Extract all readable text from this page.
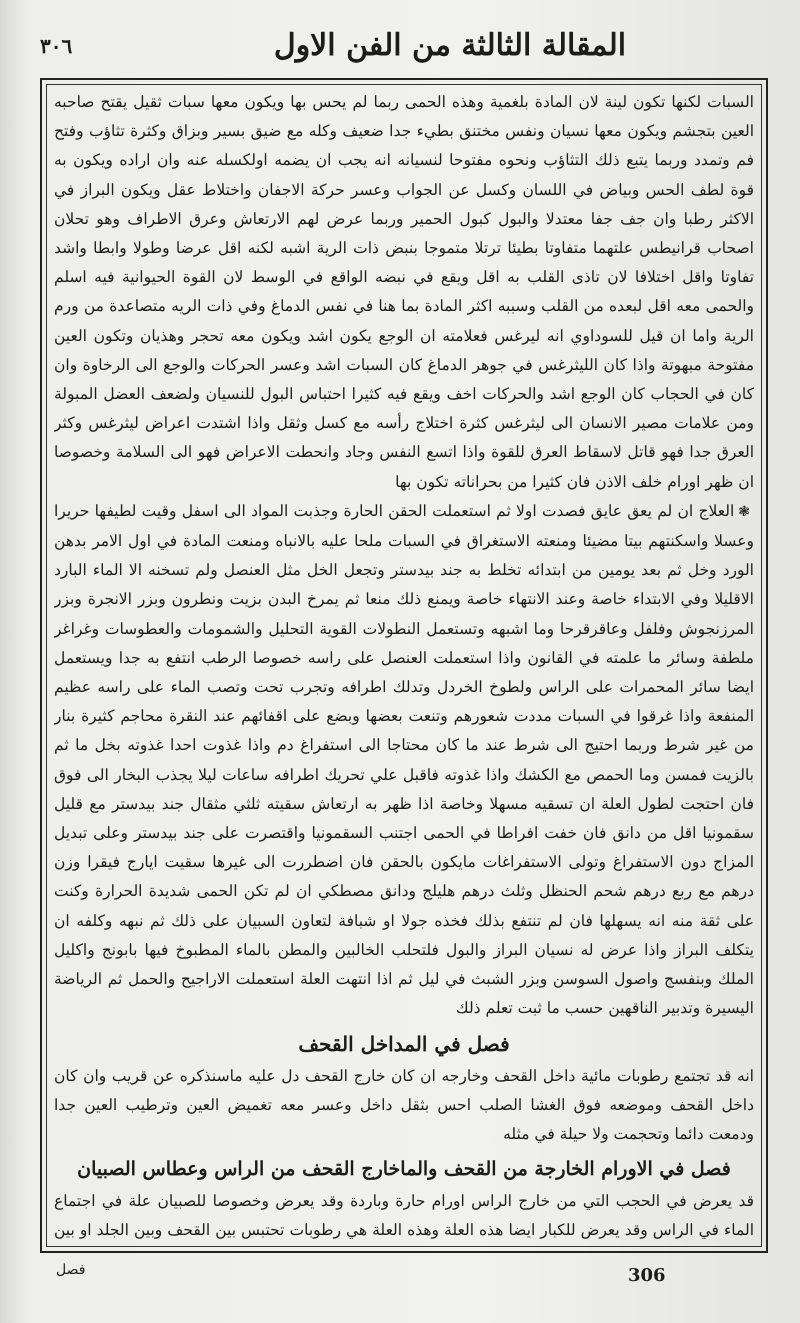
٣٠٦	المقالة الثالثة من الفن الاول

السبات لكنها تكون لينة لان المادة بلغمية وهذه الحمى ربما لم يحس بها ويكون معها سبات ثقيل يقتح صاحبه العين بتجشم ويكون معها نسيان ونفس مختنق بطيء جدا ضعيف وكله مع ضيق بسير وبزاق وكثرة تثاؤب وفتح فم وتمدد وربما يتبع ذلك التثاؤب ونحوه مفتوحا لنسيانه انه يجب ان يضمه اولكسله عنه وان اراده ويكون به قوة لطف الحس وبياض في اللسان وكسل عن الجواب وعسر حركة الاجفان واختلاط عقل ويكون البراز في الاكثر رطبا وان جف جفا معتدلا والبول كبول الحمير وربما عرض لهم الارتعاش وعرق الاطراف وهو تحلان اصحاب قرانيطس علتهما متفاوتا بطيئا ترتلا متموجا بنبض ذات الرية اشبه لكنه اقل عرضا وطولا وابطا واشد تفاوتا واقل اختلافا لان تاذى القلب به اقل ويقع في نبضه الواقع في الوسط لان القوة الحيوانية فيه اسلم والحمى معه اقل لبعده من القلب وسببه اكثر المادة بما هنا في نفس الدماغ وفي ذات الريه متصاعدة من ورم الرية واما ان قيل للسوداوي انه ليرغس فعلامته ان الوجع يكون اشد ويكون معه تحجر وهذيان وتكون العين مفتوحة مبهوتة واذا كان الليثرغس في جوهر الدماغ كان السبات اشد وعسر الحركات والوجع الى الرخاوة وان كان في الحجاب كان الوجع اشد والحركات اخف ويقع فيه كثيرا احتباس البول للنسيان ولضعف العضل المبولة ومن علامات مصير الانسان الى ليثرغس كثرة اختلاج رأسه مع كسل وثقل واذا اشتدت اعراض ليثرغس وكثر العرق جدا فهو قاتل لاسقاط العرق للقوة واذا اتسع النفس وجاد وانحطت الاعراض فهو الى السلامة وخصوصا ان ظهر اورام خلف الاذن فان كثيرا من بحراناته تكون بها

❃العلاج ان لم يعق عايق فصدت اولا ثم استعملت الحقن الحارة وجذبت المواد الى اسفل وقيت لطيفها حريرا وعسلا واسكنتهم بيتا مضيئا ومنعته الاستغراق في السبات ملحا عليه بالانباه ومنعت المادة في اول الامر بدهن الورد وخل ثم بعد يومين من ابتدائه تخلط به جند بيدستر وتجعل الخل مثل العنصل ولم تسخنه الا الماء البارد الاقليلا وفي الابتداء خاصة وعند الانتهاء خاصة ويمنع ذلك منعا ثم يمرخ البدن بزيت ونطرون وبزر الانجرة وبزر المرزنجوش وفلفل وعاقرقرحا وما اشبهه وتستعمل النطولات القوية التحليل والشمومات والعطوسات وغراغر ملطفة وسائر ما علمته في القانون واذا استعملت العنصل على راسه خصوصا الرطب انتفع به جدا ويستعمل ايضا سائر المحمرات على الراس ولطوخ الخردل وتدلك اطرافه وتجرب تحت وتصب الماء على راسه عظيم المنفعة واذا غرقوا في السبات مددت شعورهم وتنعت بعضها وبضع على اقفائهم عند النقرة محاجم كثيرة بنار من غير شرط وربما احتيج الى شرط عند ما كان محتاجا الى استفراغ دم واذا غذوت احدا غذوته بخل ما ثم بالزيت فمسن وما الحمص مع الكشك واذا غذوته فاقبل علي تحريك اطرافه ساعات ليلا يجذب البخار الى فوق فان احتجت لطول العلة ان تسقيه مسهلا وخاصة اذا ظهر به ارتعاش سقيته ثلثي مثقال جند بيدستر مع قليل سقمونيا اقل من دانق فان خفت افراطا في الحمى اجتنب السقمونيا واقتصرت على جند بيدستر وعلى تبديل المزاج دون الاستفراغ وتولى الاستفراغات مايكون بالحقن فان اضطررت الى غيرها سقيت ايارج فيقرا وزن درهم مع ربع درهم شحم الحنظل وثلث درهم هليلج ودانق مصطكي ان لم تكن الحمى شديدة الحرارة وكنت على ثقة منه انه يسهلها فان لم تنتفع بذلك فخذه جولا او شبافة لتعاون السبيان على ذلك ثم نبهه وكلفه ان يتكلف البراز واذا عرض له نسيان البراز والبول فلتحلب الخالبين والمطن بالماء المطبوخ فيها بابونج واكليل الملك وبنفسج واصول السوسن وبزر الشبث في ليل ثم اذا انتهت العلة استعملت الاراجيح والحمل ثم الرياضة اليسيرة وتدبير الناقهين حسب ما ثبت تعلم ذلك

فصل في المداخل القحف

انه قد تجتمع رطوبات مائية داخل القحف وخارجه ان كان خارج القحف دل عليه ماسنذكره عن قريب وان كان داخل القحف وموضعه فوق الغشا الصلب احس بثقل داخل وعسر معه تغميض العين وترطيب العين جدا ودمعت دائما وتحجمت ولا حيلة في مثله

فصل في الاورام الخارجة من القحف والماخارج القحف من الراس وعطاس الصبيان

قد يعرض في الحجب التي من خارج الراس اورام حارة وباردة وقد يعرض وخصوصا للصبيان علة في اجتماع الماء في الراس وقد يعرض للكبار ايضا هذه العلة وهذه العلة هي رطوبات تحتبس بين القحف وبين الجلد او بين

فصل	306
